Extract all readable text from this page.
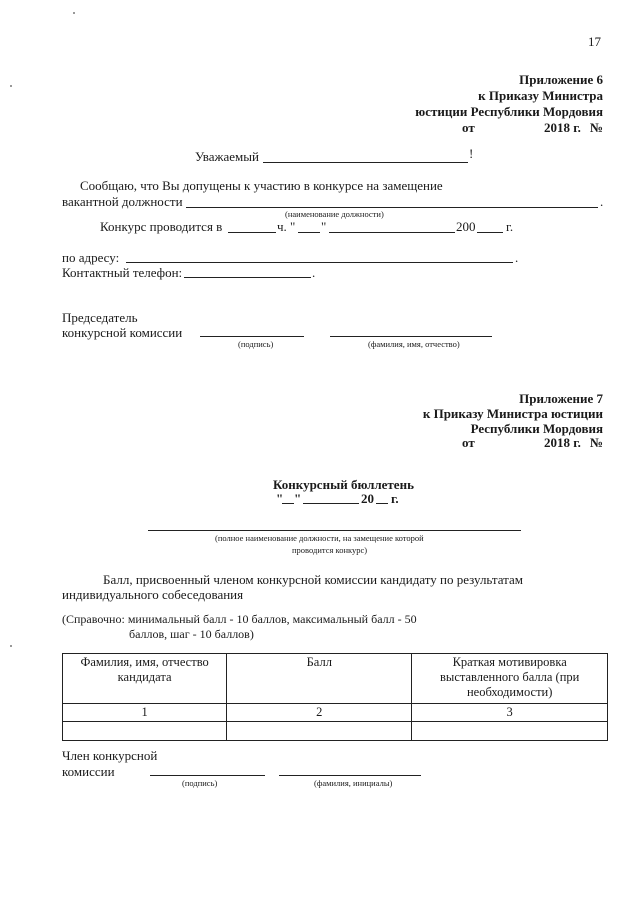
17
Приложение 6
к Приказу Министра
юстиции Республики Мордовия
от	2018 г. №
Уважаемый	!
Сообщаю, что Вы допущены к участию в конкурсе на замещение
вакантной должности	.
(наименование должности)
Конкурс проводится в	ч. " "	200 г.
по адресу:	.
Контактный телефон:	.
Председатель
конкурсной комиссии
(подпись)	(фамилия, имя, отчество)
Приложение 7
к Приказу Министра юстиции
Республики Мордовия
от	2018 г. №
Конкурсный бюллетень
" "	20 г.
(полное наименование должности, на замещение которой
проводится конкурс)
Балл, присвоенный членом конкурсной комиссии кандидату по результатам
индивидуального собеседования
(Справочно: минимальный балл - 10 баллов, максимальный балл - 50
баллов, шаг - 10 баллов)
Фамилия, имя, отчество кандидата	Балл	Краткая мотивировка выставленного балла (при необходимости)
1	2	3

Член конкурсной
комиссии
(подпись)	(фамилия, инициалы)
